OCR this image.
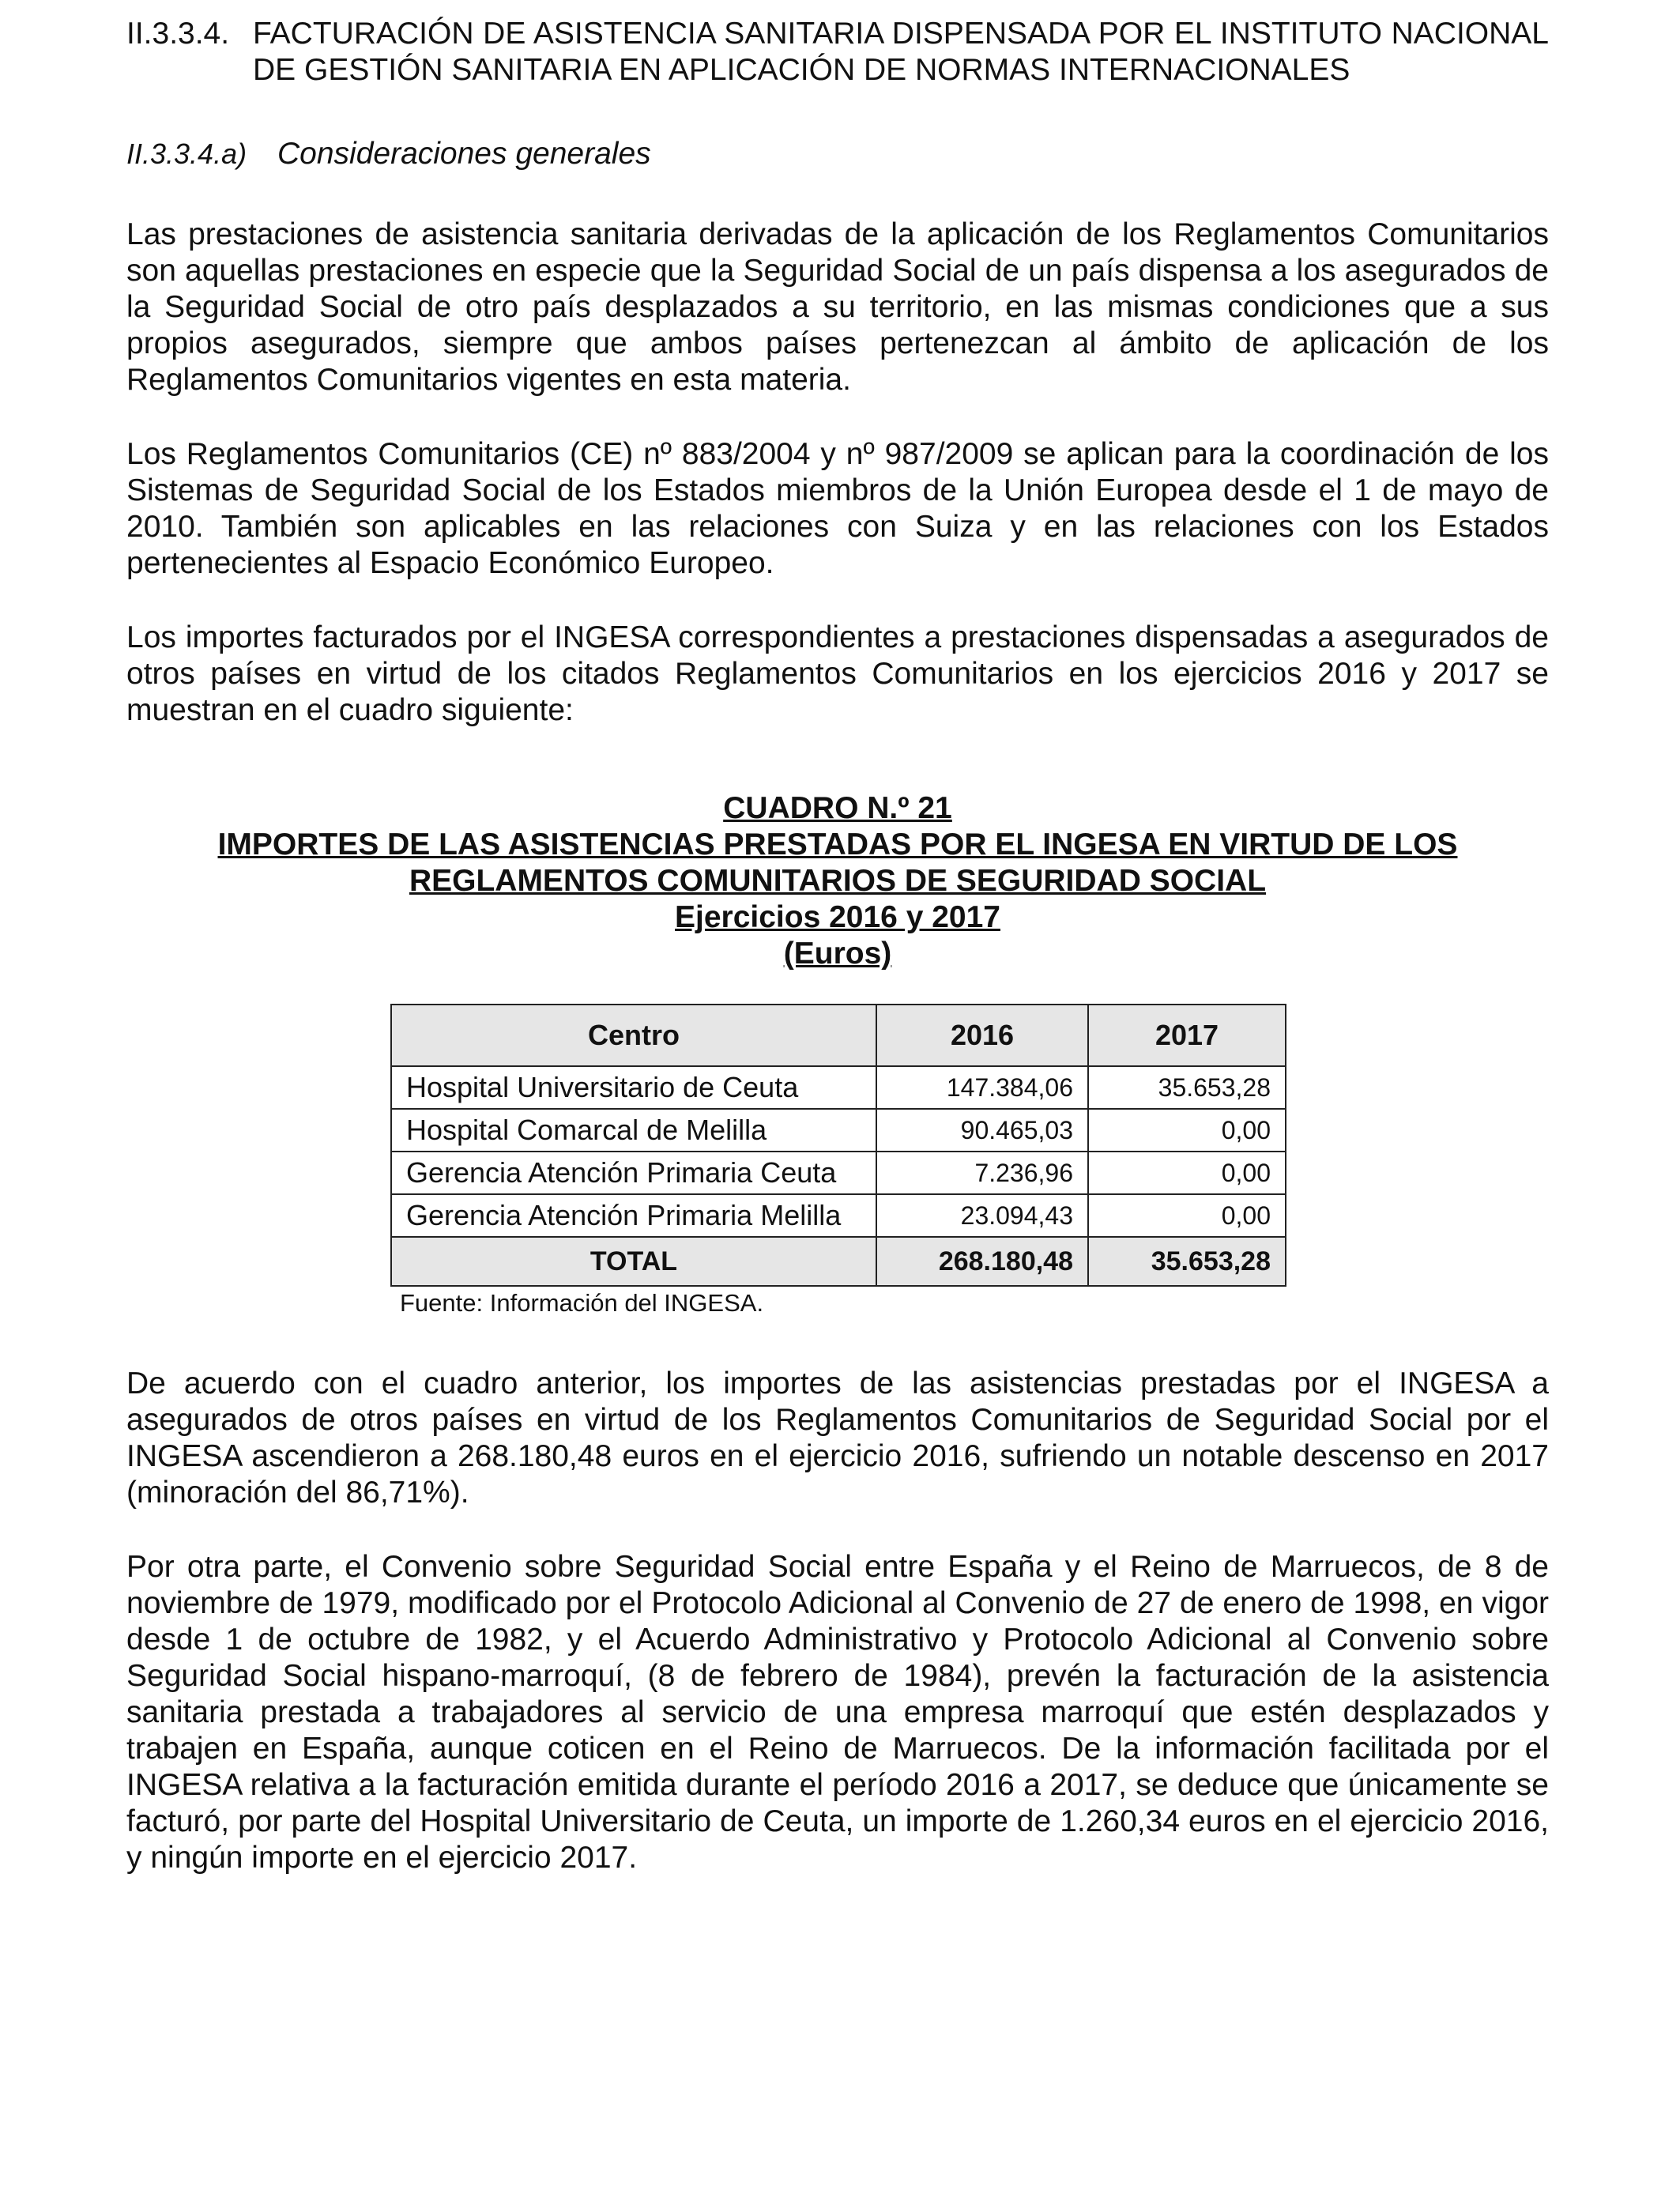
II.3.3.4. FACTURACIÓN DE ASISTENCIA SANITARIA DISPENSADA POR EL INSTITUTO NACIONAL DE GESTIÓN SANITARIA EN APLICACIÓN DE NORMAS INTERNACIONALES
II.3.3.4.a) Consideraciones generales

Las prestaciones de asistencia sanitaria derivadas de la aplicación de los Reglamentos Comunitarios son aquellas prestaciones en especie que la Seguridad Social de un país dispensa a los asegurados de la Seguridad Social de otro país desplazados a su territorio, en las mismas condiciones que a sus propios asegurados, siempre que ambos países pertenezcan al ámbito de aplicación de los Reglamentos Comunitarios vigentes en esta materia.

Los Reglamentos Comunitarios (CE) nº 883/2004 y nº 987/2009 se aplican para la coordinación de los Sistemas de Seguridad Social de los Estados miembros de la Unión Europea desde el 1 de mayo de 2010. También son aplicables en las relaciones con Suiza y en las relaciones con los Estados pertenecientes al Espacio Económico Europeo.

Los importes facturados por el INGESA correspondientes a prestaciones dispensadas a asegurados de otros países en virtud de los citados Reglamentos Comunitarios en los ejercicios 2016 y 2017 se muestran en el cuadro siguiente:

CUADRO N.º 21
IMPORTES DE LAS ASISTENCIAS PRESTADAS POR EL INGESA EN VIRTUD DE LOS
REGLAMENTOS COMUNITARIOS DE SEGURIDAD SOCIAL
Ejercicios 2016 y 2017
(Euros)
Centro	2016	2017
Hospital Universitario de Ceuta	147.384,06	35.653,28
Hospital Comarcal de Melilla	90.465,03	0,00
Gerencia Atención Primaria Ceuta	7.236,96	0,00
Gerencia Atención Primaria Melilla	23.094,43	0,00
TOTAL	268.180,48	35.653,28
Fuente: Información del INGESA.

De acuerdo con el cuadro anterior, los importes de las asistencias prestadas por el INGESA a asegurados de otros países en virtud de los Reglamentos Comunitarios de Seguridad Social por el INGESA ascendieron a 268.180,48 euros en el ejercicio 2016, sufriendo un notable descenso en 2017 (minoración del 86,71%).

Por otra parte, el Convenio sobre Seguridad Social entre España y el Reino de Marruecos, de 8 de noviembre de 1979, modificado por el Protocolo Adicional al Convenio de 27 de enero de 1998, en vigor desde 1 de octubre de 1982, y el Acuerdo Administrativo y Protocolo Adicional al Convenio sobre Seguridad Social hispano-marroquí, (8 de febrero de 1984), prevén la facturación de la asistencia sanitaria prestada a trabajadores al servicio de una empresa marroquí que estén desplazados y trabajen en España, aunque coticen en el Reino de Marruecos. De la información facilitada por el INGESA relativa a la facturación emitida durante el período 2016 a 2017, se deduce que únicamente se facturó, por parte del Hospital Universitario de Ceuta, un importe de 1.260,34 euros en el ejercicio 2016, y ningún importe en el ejercicio 2017.
